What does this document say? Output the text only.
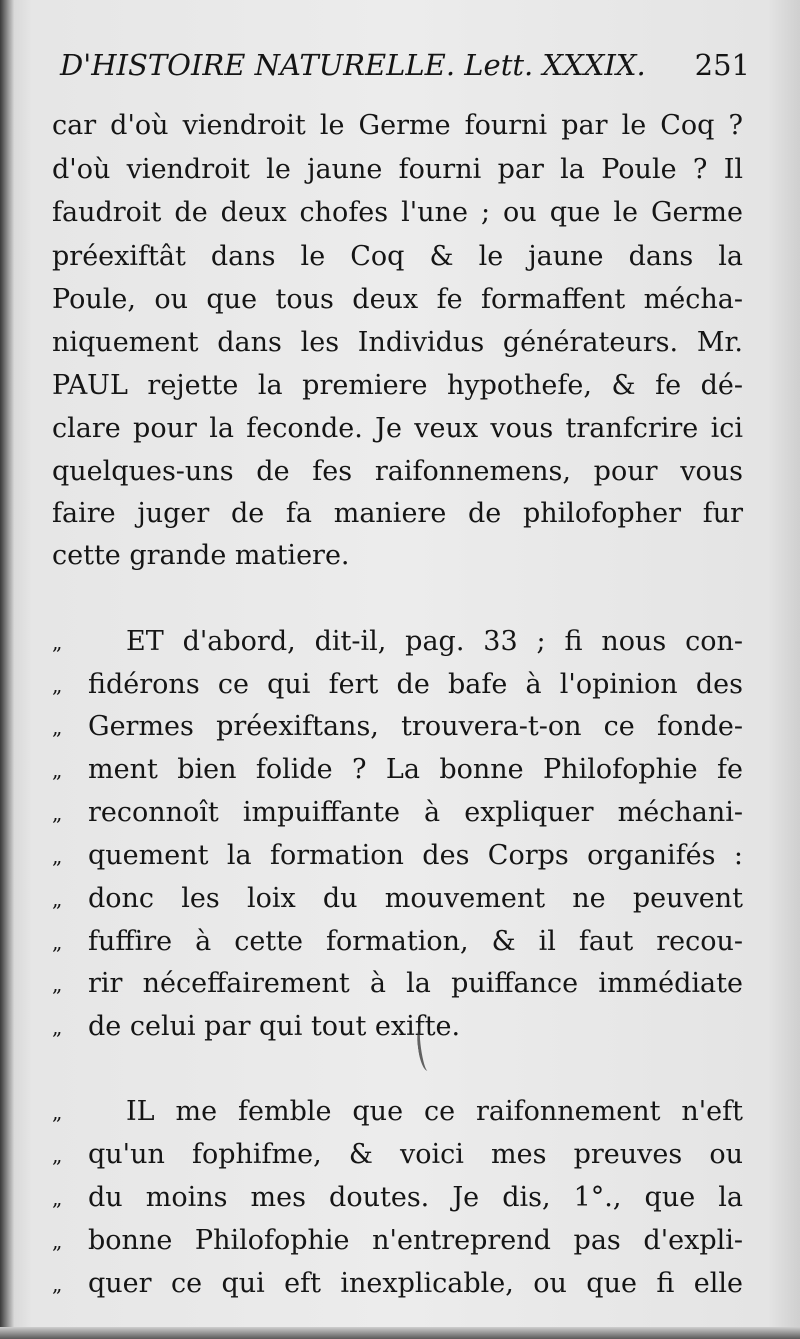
D'HISTOIRE NATURELLE. Lett. XXXIX. 251
car d'où viendroit le Germe fourni par le Coq ?
d'où viendroit le jaune fourni par la Poule ? Il
faudroit de deux chofes l'une ; ou que le Germe
préexiftât dans le Coq & le jaune dans la
Poule, ou que tous deux fe formaffent mécha-
niquement dans les Individus générateurs. Mr.
PAUL rejette la premiere hypothefe, & fe dé-
clare pour la feconde. Je veux vous tranfcrire ici
quelques-uns de fes raifonnemens, pour vous
faire juger de fa maniere de philofopher fur
cette grande matiere.
„	ET d'abord, dit-il, pag. 33 ; fi nous con-
„ fidérons ce qui fert de bafe à l'opinion des
„ Germes préexiftans, trouvera-t-on ce fonde-
„ ment bien folide ? La bonne Philofophie fe
„ reconnoît impuiffante à expliquer méchani-
„ quement la formation des Corps organifés :
„ donc les loix du mouvement ne peuvent
„ fuffire à cette formation, & il faut recou-
„ rir néceffairement à la puiffance immédiate
„ de celui par qui tout exifte.
„	IL me femble que ce raifonnement n'eft
„ qu'un fophifme, & voici mes preuves ou
„ du moins mes doutes. Je dis, 1°., que la
„ bonne Philofophie n'entreprend pas d'expli-
„ quer ce qui eft inexplicable, ou que fi elle
